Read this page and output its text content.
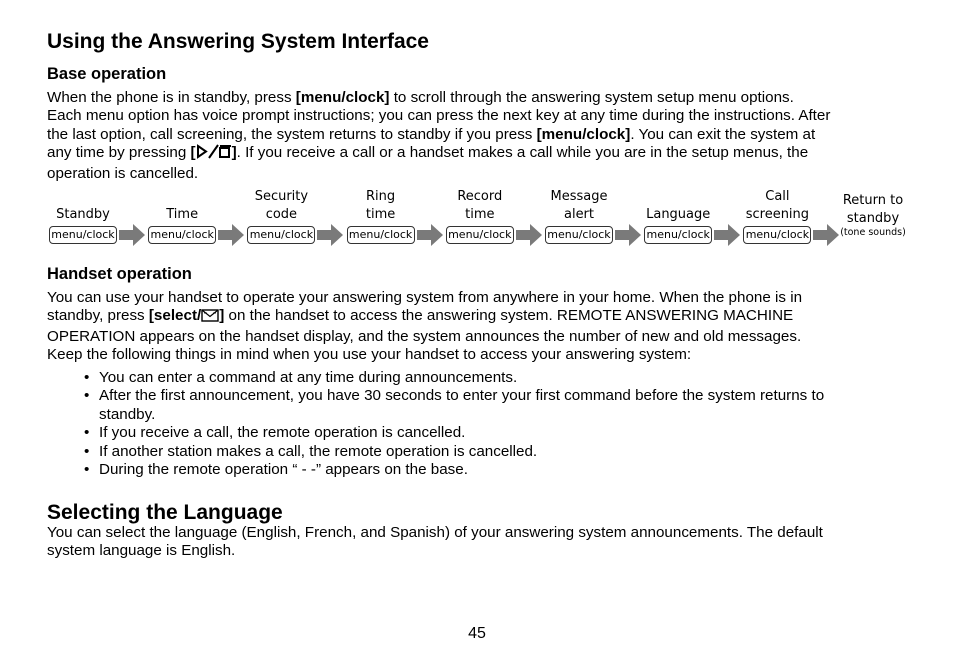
Using the Answering System Interface
Base operation
When the phone is in standby, press [menu/clock] to scroll through the answering system setup menu options.
Each menu option has voice prompt instructions; you can press the next key at any time during the instructions. After
the last option, call screening, the system returns to standby if you press [menu/clock]. You can exit the system at
any time by pressing [ ]. If you receive a call or a handset makes a call while you are in the setup menus, the
operation is cancelled.
Standby
menu/clock
Time
menu/clock
Security
code
menu/clock
Ring
time
menu/clock
Record
time
menu/clock
Message
alert
menu/clock
Language
menu/clock
Call
screening
menu/clock
Return to
standby
(tone sounds)
Handset operation
You can use your handset to operate your answering system from anywhere in your home. When the phone is in
standby, press [select/ ] on the handset to access the answering system. REMOTE ANSWERING MACHINE
OPERATION appears on the handset display, and the system announces the number of new and old messages.
Keep the following things in mind when you use your handset to access your answering system:
• You can enter a command at any time during announcements.
• After the first announcement, you have 30 seconds to enter your first command before the system returns to
standby.
• If you receive a call, the remote operation is cancelled.
• If another station makes a call, the remote operation is cancelled.
• During the remote operation “ - -” appears on the base.
Selecting the Language
You can select the language (English, French, and Spanish) of your answering system announcements. The default
system language is English.
45
